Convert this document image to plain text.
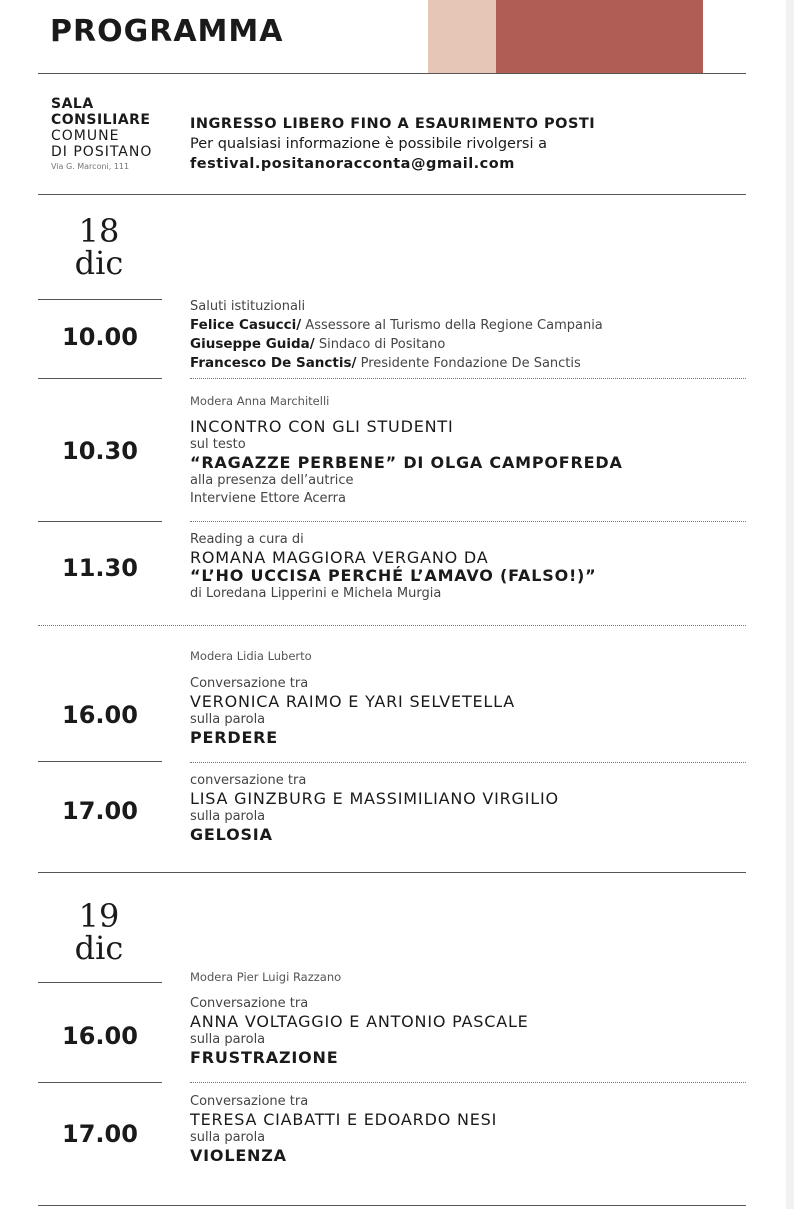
PROGRAMMA
SALA
CONSILIARE
COMUNE
DI POSITANO
Via G. Marconi, 111
INGRESSO LIBERO FINO A ESAURIMENTO POSTI
Per qualsiasi informazione è possibile rivolgersi a
festival.positanoracconta@gmail.com
18
dic
10.00
Saluti istituzionali
Felice Casucci/ Assessore al Turismo della Regione Campania
Giuseppe Guida/ Sindaco di Positano
Francesco De Sanctis/ Presidente Fondazione De Sanctis
Modera Anna Marchitelli
INCONTRO CON GLI STUDENTI
sul testo
“RAGAZZE PERBENE” DI OLGA CAMPOFREDA
alla presenza dell’autrice
Interviene Ettore Acerra
10.30
Reading a cura di
ROMANA MAGGIORA VERGANO DA
“L’HO UCCISA PERCHÉ L’AMAVO (FALSO!)”
di Loredana Lipperini e Michela Murgia
11.30
Modera Lidia Luberto
Conversazione tra
VERONICA RAIMO E YARI SELVETELLA
sulla parola
PERDERE
16.00
conversazione tra
LISA GINZBURG E MASSIMILIANO VIRGILIO
sulla parola
GELOSIA
17.00
19
dic
Modera Pier Luigi Razzano
Conversazione tra
ANNA VOLTAGGIO E ANTONIO PASCALE
sulla parola
FRUSTRAZIONE
16.00
Conversazione tra
TERESA CIABATTI E EDOARDO NESI
sulla parola
VIOLENZA
17.00
